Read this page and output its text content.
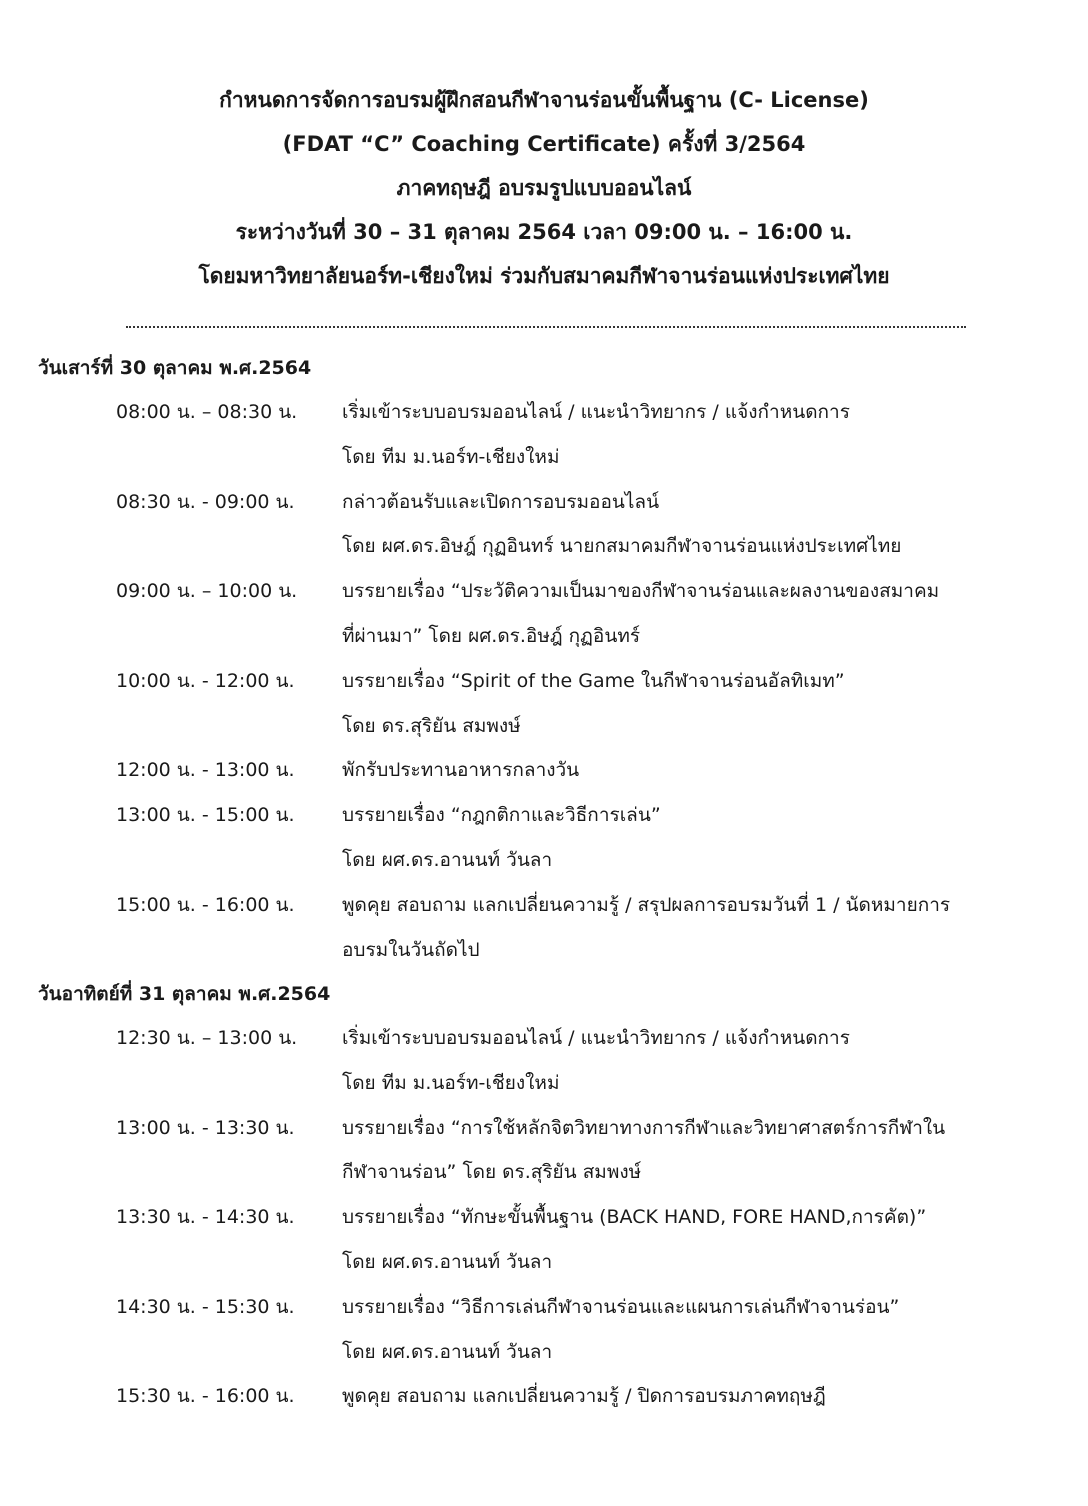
กำหนดการจัดการอบรมผู้ฝึกสอนกีฬาจานร่อนขั้นพื้นฐาน (C- License)
(FDAT “C” Coaching Certificate) ครั้งที่ 3/2564
ภาคทฤษฎี อบรมรูปแบบออนไลน์
ระหว่างวันที่ 30 – 31 ตุลาคม 2564 เวลา 09:00 น. – 16:00 น.
โดยมหาวิทยาลัยนอร์ท-เชียงใหม่ ร่วมกับสมาคมกีฬาจานร่อนแห่งประเทศไทย
วันเสาร์ที่ 30 ตุลาคม พ.ศ.2564
08:00 น. – 08:30 น.	เริ่มเข้าระบบอบรมออนไลน์ / แนะนำวิทยากร / แจ้งกำหนดการ
โดย ทีม ม.นอร์ท-เชียงใหม่
08:30 น. - 09:00 น.	กล่าวต้อนรับและเปิดการอบรมออนไลน์
โดย ผศ.ดร.อิษฎ์ กุฏอินทร์ นายกสมาคมกีฬาจานร่อนแห่งประเทศไทย
09:00 น. – 10:00 น.	บรรยายเรื่อง “ประวัติความเป็นมาของกีฬาจานร่อนและผลงานของสมาคม
ที่ผ่านมา” โดย ผศ.ดร.อิษฎ์ กุฏอินทร์
10:00 น. - 12:00 น.	บรรยายเรื่อง “Spirit of the Game ในกีฬาจานร่อนอัลทิเมท”
โดย ดร.สุริยัน สมพงษ์
12:00 น. - 13:00 น.	พักรับประทานอาหารกลางวัน
13:00 น. - 15:00 น.	บรรยายเรื่อง “กฎกติกาและวิธีการเล่น”
โดย ผศ.ดร.อานนท์ วันลา
15:00 น. - 16:00 น.	พูดคุย สอบถาม แลกเปลี่ยนความรู้ / สรุปผลการอบรมวันที่ 1 / นัดหมายการ
อบรมในวันถัดไป
วันอาทิตย์ที่ 31 ตุลาคม พ.ศ.2564
12:30 น. – 13:00 น.	เริ่มเข้าระบบอบรมออนไลน์ / แนะนำวิทยากร / แจ้งกำหนดการ
โดย ทีม ม.นอร์ท-เชียงใหม่
13:00 น. - 13:30 น.	บรรยายเรื่อง “การใช้หลักจิตวิทยาทางการกีฬาและวิทยาศาสตร์การกีฬาใน
กีฬาจานร่อน” โดย ดร.สุริยัน สมพงษ์
13:30 น. - 14:30 น.	บรรยายเรื่อง “ทักษะขั้นพื้นฐาน (BACK HAND, FORE HAND,การคัต)”
โดย ผศ.ดร.อานนท์ วันลา
14:30 น. - 15:30 น.	บรรยายเรื่อง “วิธีการเล่นกีฬาจานร่อนและแผนการเล่นกีฬาจานร่อน”
โดย ผศ.ดร.อานนท์ วันลา
15:30 น. - 16:00 น.	พูดคุย สอบถาม แลกเปลี่ยนความรู้ / ปิดการอบรมภาคทฤษฎี
